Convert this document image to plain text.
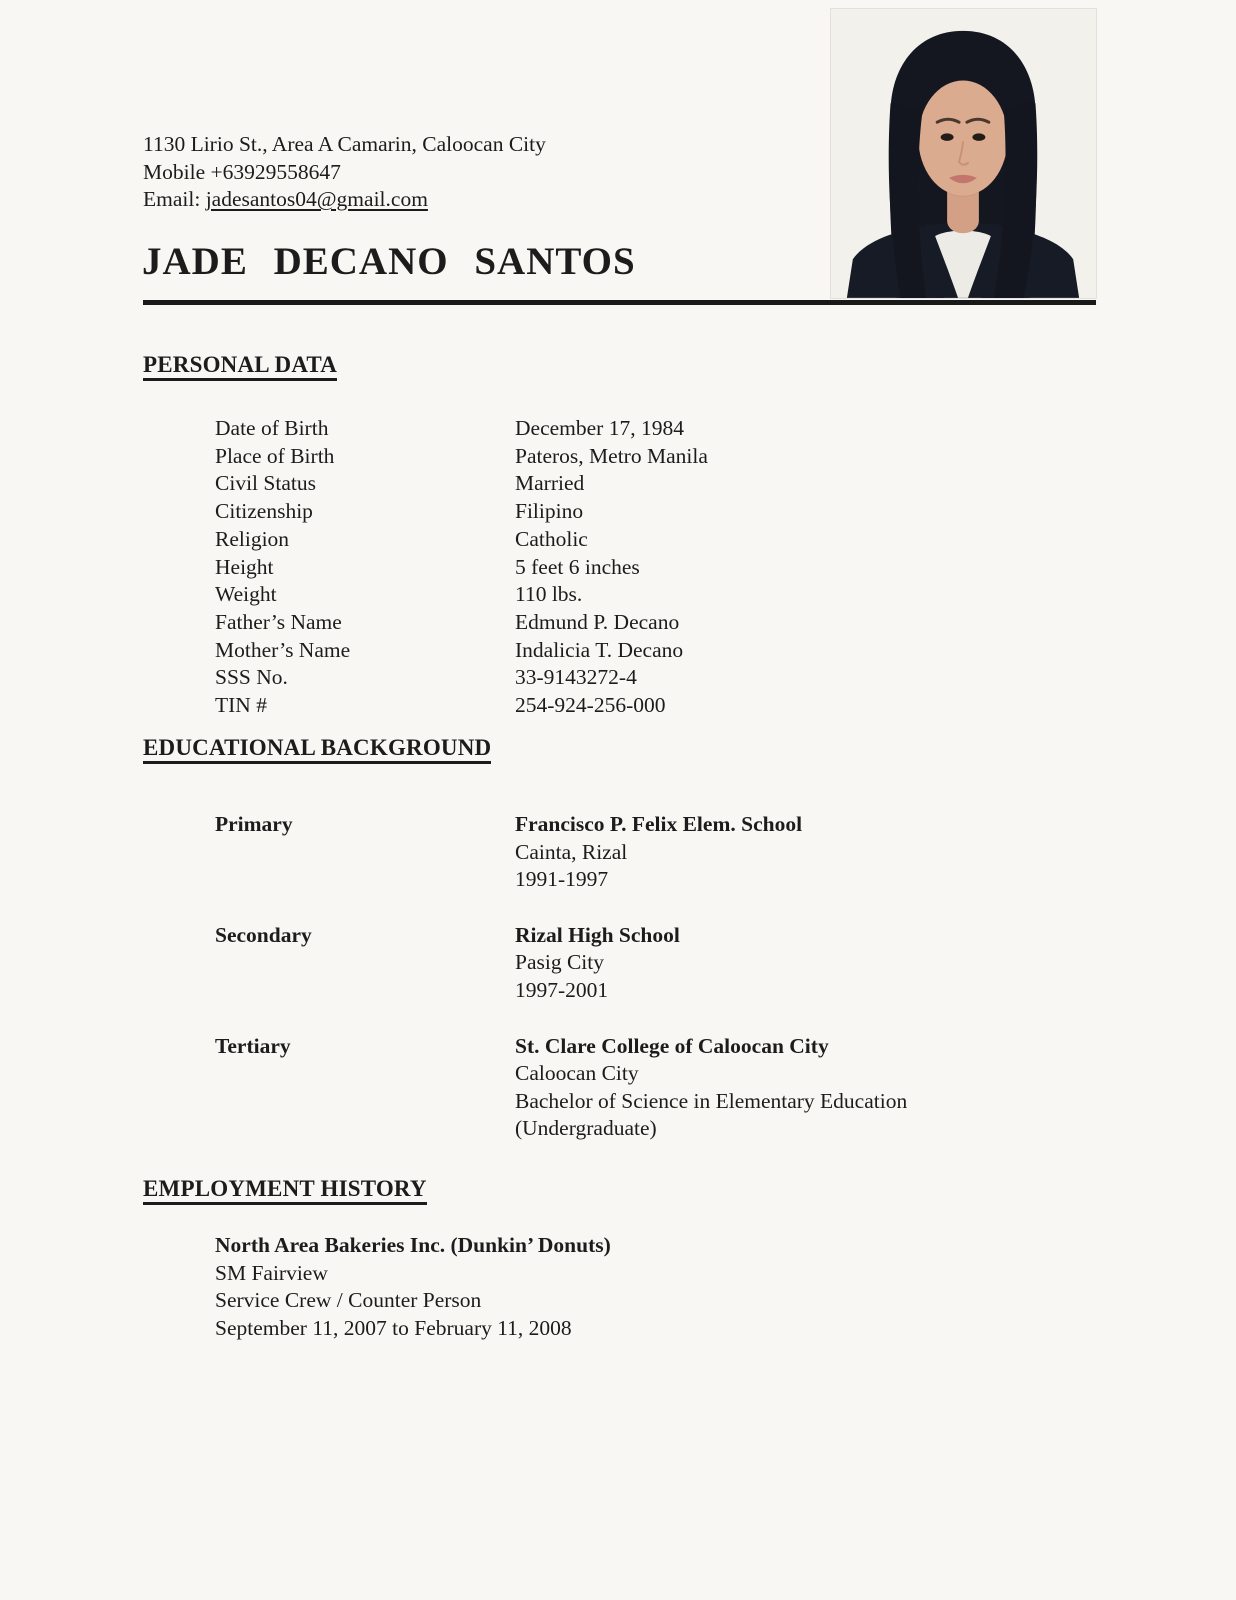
1130 Lirio St., Area A Camarin, Caloocan City
Mobile +63929558647
Email: jadesantos04@gmail.com
JADE DECANO SANTOS
PERSONAL DATA
Date of Birth	December 17, 1984
Place of Birth	Pateros, Metro Manila
Civil Status	Married
Citizenship	Filipino
Religion	Catholic
Height	5 feet 6 inches
Weight	110 lbs.
Father’s Name	Edmund P. Decano
Mother’s Name	Indalicia T. Decano
SSS No.	33-9143272-4
TIN #	254-924-256-000
EDUCATIONAL BACKGROUND
Primary	Francisco P. Felix Elem. School
Cainta, Rizal
1991-1997
Secondary	Rizal High School
Pasig City
1997-2001
Tertiary	St. Clare College of Caloocan City
Caloocan City
Bachelor of Science in Elementary Education
(Undergraduate)
EMPLOYMENT HISTORY
North Area Bakeries Inc. (Dunkin’ Donuts)
SM Fairview
Service Crew / Counter Person
September 11, 2007 to February 11, 2008
